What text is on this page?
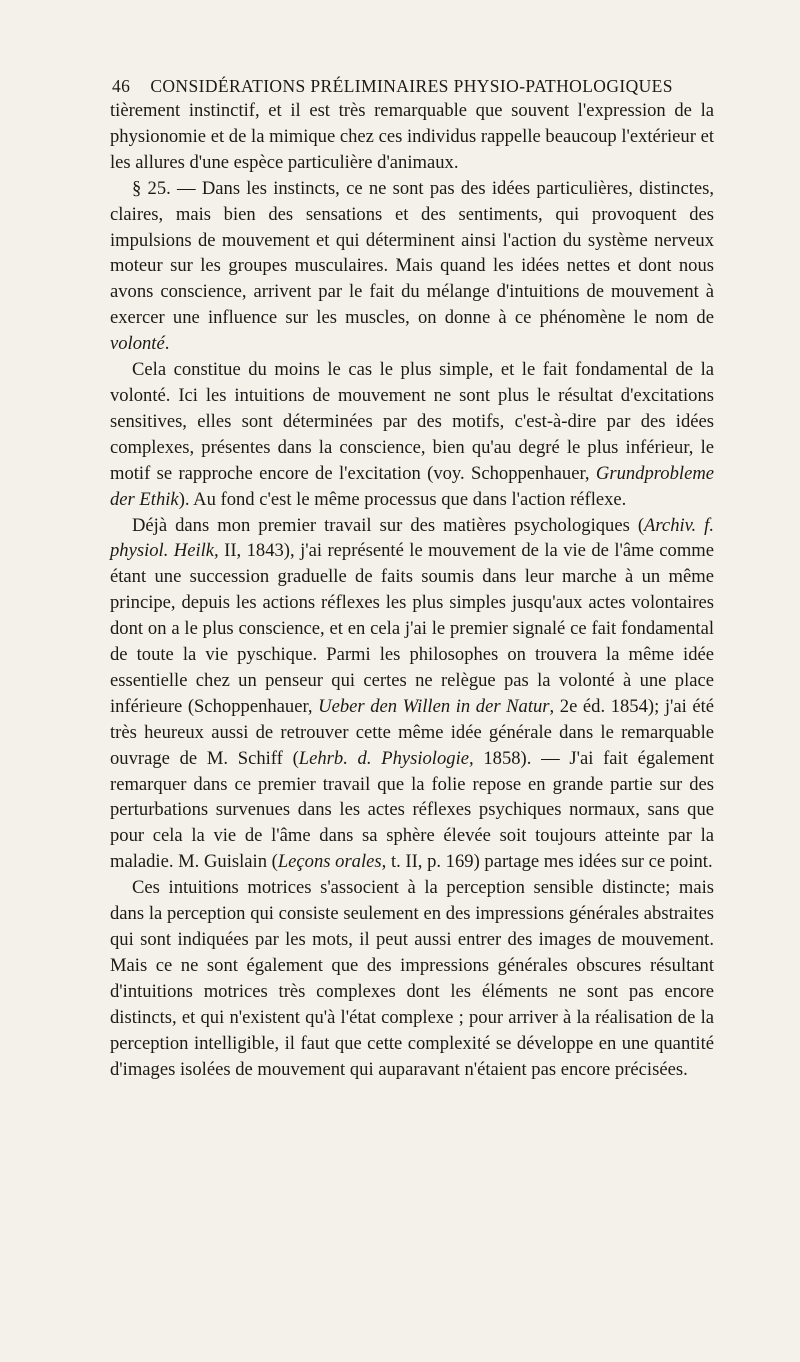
46 CONSIDÉRATIONS PRÉLIMINAIRES PHYSIO-PATHOLOGIQUES

tièrement instinctif, et il est très remarquable que souvent l'expression de la physionomie et de la mimique chez ces individus rappelle beaucoup l'extérieur et les allures d'une espèce particulière d'animaux.

§ 25. — Dans les instincts, ce ne sont pas des idées particulières, distinctes, claires, mais bien des sensations et des sentiments, qui provoquent des impulsions de mouvement et qui déterminent ainsi l'action du système nerveux moteur sur les groupes musculaires. Mais quand les idées nettes et dont nous avons conscience, arrivent par le fait du mélange d'intuitions de mouvement à exercer une influence sur les muscles, on donne à ce phénomène le nom de volonté.

Cela constitue du moins le cas le plus simple, et le fait fondamental de la volonté. Ici les intuitions de mouvement ne sont plus le résultat d'excitations sensitives, elles sont déterminées par des motifs, c'est-à-dire par des idées complexes, présentes dans la conscience, bien qu'au degré le plus inférieur, le motif se rapproche encore de l'excitation (voy. Schoppenhauer, Grundprobleme der Ethik). Au fond c'est le même processus que dans l'action réflexe.

Déjà dans mon premier travail sur des matières psychologiques (Archiv. f. physiol. Heilk, II, 1843), j'ai représenté le mouvement de la vie de l'âme comme étant une succession graduelle de faits soumis dans leur marche à un même principe, depuis les actions réflexes les plus simples jusqu'aux actes volontaires dont on a le plus conscience, et en cela j'ai le premier signalé ce fait fondamental de toute la vie pyschique. Parmi les philosophes on trouvera la même idée essentielle chez un penseur qui certes ne relègue pas la volonté à une place inférieure (Schoppenhauer, Ueber den Willen in der Natur, 2e éd. 1854); j'ai été très heureux aussi de retrouver cette même idée générale dans le remarquable ouvrage de M. Schiff (Lehrb. d. Physiologie, 1858). — J'ai fait également remarquer dans ce premier travail que la folie repose en grande partie sur des perturbations survenues dans les actes réflexes psychiques normaux, sans que pour cela la vie de l'âme dans sa sphère élevée soit toujours atteinte par la maladie. M. Guislain (Leçons orales, t. II, p. 169) partage mes idées sur ce point.

Ces intuitions motrices s'associent à la perception sensible distincte; mais dans la perception qui consiste seulement en des impressions générales abstraites qui sont indiquées par les mots, il peut aussi entrer des images de mouvement. Mais ce ne sont également que des impressions générales obscures résultant d'intuitions motrices très complexes dont les éléments ne sont pas encore distincts, et qui n'existent qu'à l'état complexe ; pour arriver à la réalisation de la perception intelligible, il faut que cette complexité se développe en une quantité d'images isolées de mouvement qui auparavant n'étaient pas encore précisées.
